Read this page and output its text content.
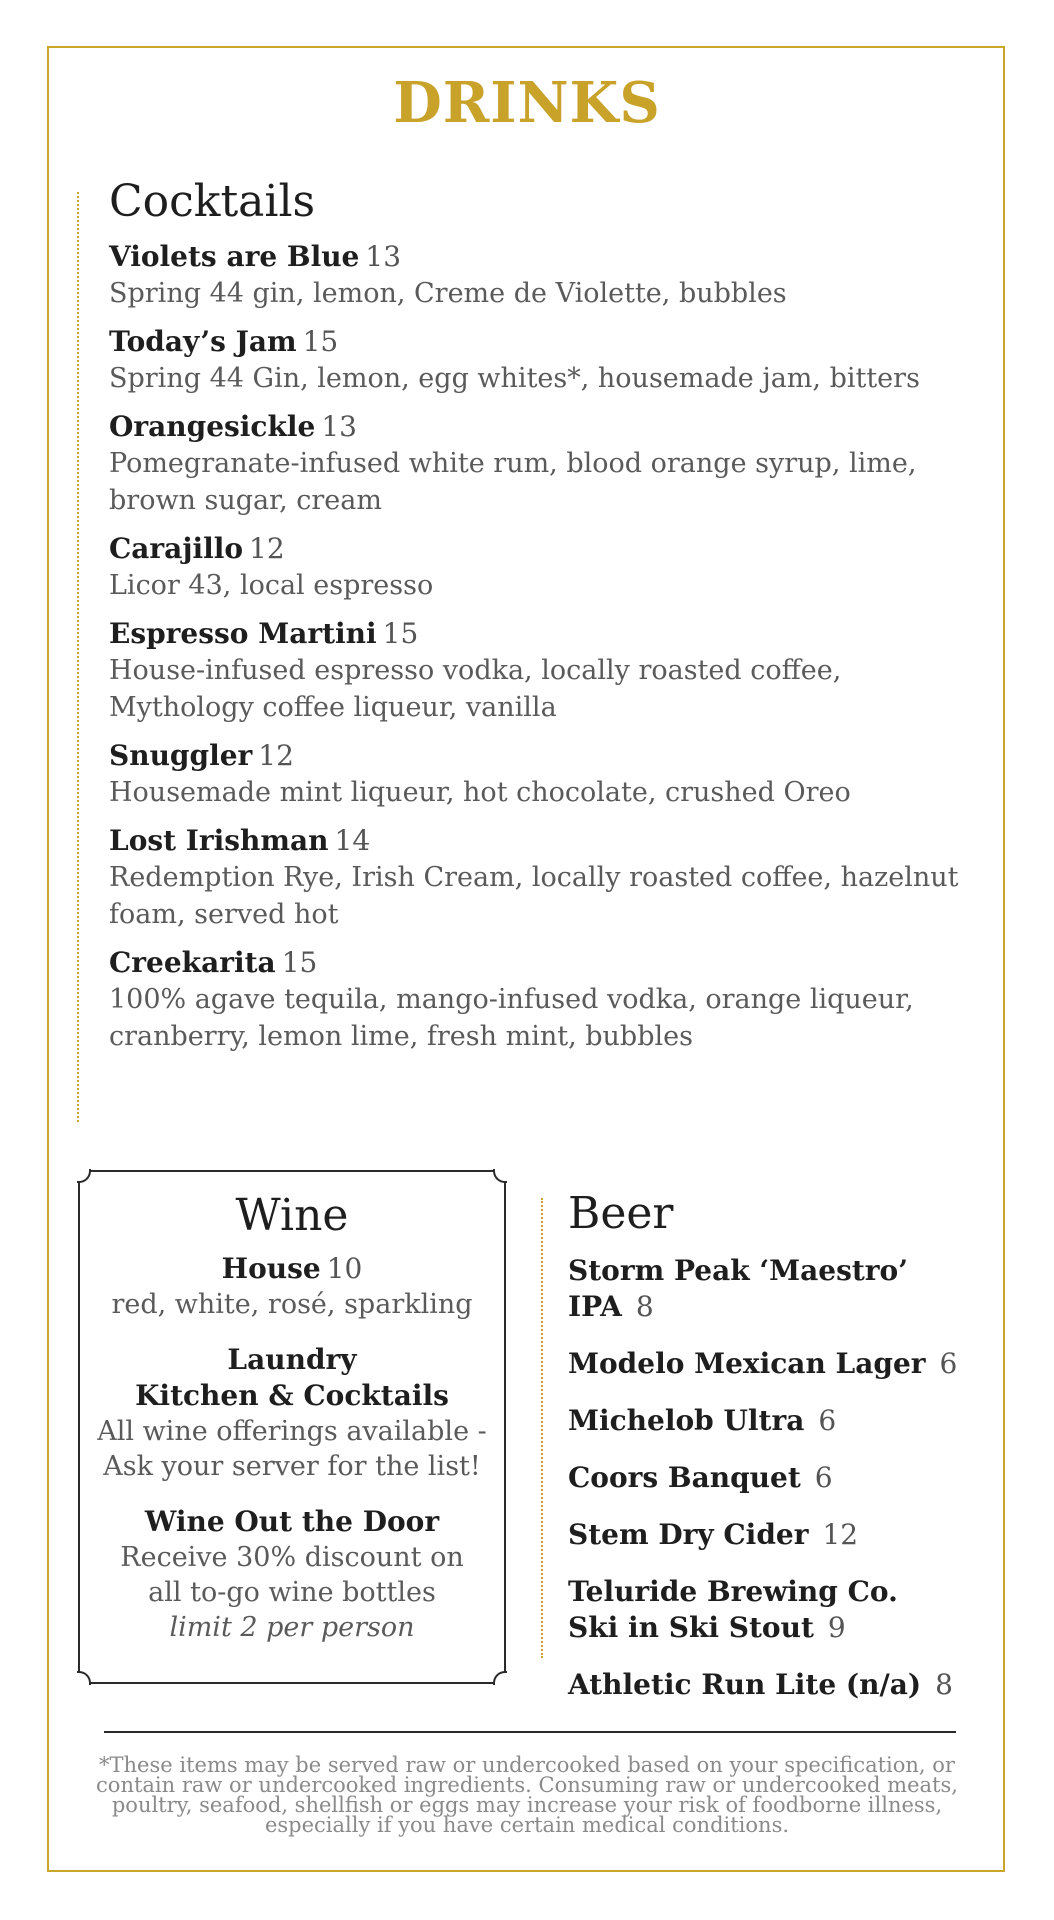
DRINKS
Cocktails
Violets are Blue 13
Spring 44 gin, lemon, Creme de Violette, bubbles
Today’s Jam 15
Spring 44 Gin, lemon, egg whites*, housemade jam, bitters
Orangesickle 13
Pomegranate-infused white rum, blood orange syrup, lime, brown sugar, cream
Carajillo 12
Licor 43, local espresso
Espresso Martini 15
House-infused espresso vodka, locally roasted coffee, Mythology coffee liqueur, vanilla
Snuggler 12
Housemade mint liqueur, hot chocolate, crushed Oreo
Lost Irishman 14
Redemption Rye, Irish Cream, locally roasted coffee, hazelnut foam, served hot
Creekarita 15
100% agave tequila, mango-infused vodka, orange liqueur, cranberry, lemon lime, fresh mint, bubbles
Wine
House 10
red, white, rosé, sparkling
Laundry
Kitchen & Cocktails
All wine offerings available -
Ask your server for the list!
Wine Out the Door
Receive 30% discount on
all to-go wine bottles
limit 2 per person
Beer
Storm Peak ‘Maestro’ IPA 8
Modelo Mexican Lager 6
Michelob Ultra 6
Coors Banquet 6
Stem Dry Cider 12
Teluride Brewing Co.
Ski in Ski Stout 9
Athletic Run Lite (n/a) 8
*These items may be served raw or undercooked based on your specification, or contain raw or undercooked ingredients. Consuming raw or undercooked meats, poultry, seafood, shellfish or eggs may increase your risk of foodborne illness, especially if you have certain medical conditions.
